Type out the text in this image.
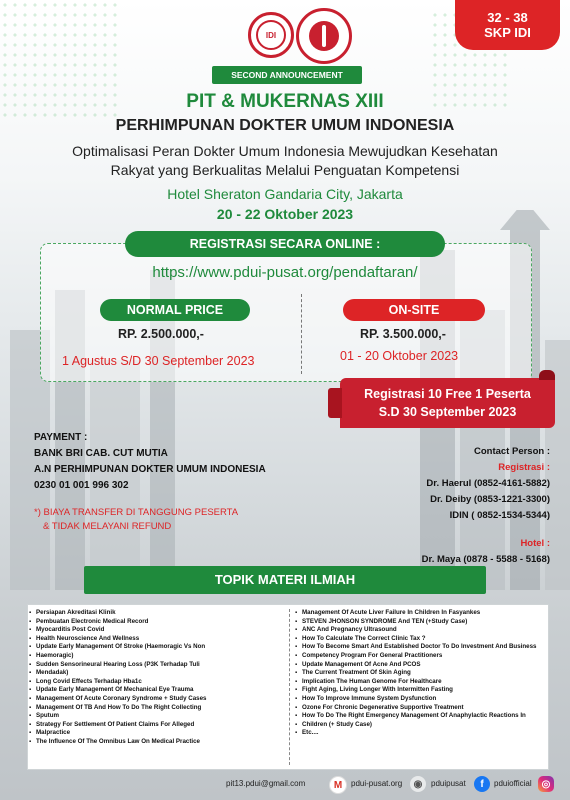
IDI
32 - 38
SKP IDI
SECOND ANNOUNCEMENT
PIT & MUKERNAS XIII
PERHIMPUNAN DOKTER UMUM INDONESIA
Optimalisasi Peran Dokter Umum Indonesia Mewujudkan Kesehatan
Rakyat yang Berkualitas Melalui Penguatan Kompetensi
Hotel Sheraton Gandaria City, Jakarta
20 - 22 Oktober 2023
REGISTRASI SECARA ONLINE :
https://www.pdui-pusat.org/pendaftaran/
NORMAL PRICE
RP. 2.500.000,-
1 Agustus S/D 30 September 2023
ON-SITE
RP. 3.500.000,-
01 - 20 Oktober 2023
Registrasi 10 Free 1 Peserta
S.D 30 September 2023
PAYMENT :
BANK BRI CAB. CUT MUTIA
A.N PERHIMPUNAN DOKTER UMUM INDONESIA
0230 01 001 996 302
*) BIAYA TRANSFER DI TANGGUNG PESERTA
& TIDAK MELAYANI REFUND
Contact Person :
Registrasi :
Dr. Haerul (0852-4161-5882)
Dr. Deiby (0853-1221-3300)
IDIN ( 0852-1534-5344)
Hotel :
Dr. Maya (0878 - 5588 - 5168)
TOPIK MATERI ILMIAH
▪ Persiapan Akreditasi Klinik
▪ Pembuatan Electronic Medical Record
▪ Myocarditis Post Covid
▪ Health Neuroscience And Wellness
▪ Update Early Management Of Stroke (Haemoragic Vs Non
▪ Haemoragic)
▪ Sudden Sensorineural Hearing Loss (P3K Terhadap Tuli
▪ Mendadak)
▪ Long Covid Effects Terhadap Hba1c
▪ Update Early Management Of Mechanical Eye Trauma
▪ Management Of Acute Coronary Syndrome + Study Cases
▪ Management Of TB And How To Do The Right Collecting
▪ Sputum
▪ Strategy For Settlement Of Patient Claims For Alleged
▪ Malpractice
▪ The Influence Of The Omnibus Law On Medical Practice
▪ Management Of Acute Liver Failure In Children In Fasyankes
▪ STEVEN JHONSON SYNDROME And TEN (+Study Case)
▪ ANC And Pregnancy Ultrasound
▪ How To Calculate The Correct Clinic Tax ?
▪ How To Become Smart And Established Doctor To Do Investment And Business
▪ Competency Program For General Practitioners
▪ Update Management Of Acne And PCOS
▪ The Current Treatment Of Skin Aging
▪ Implication The Human Genome For Healthcare
▪ Fight Aging, Living Longer With Intermitten Fasting
▪ How To Improve Immune System Dysfunction
▪ Ozone For Chronic Degenerative Supportive Treatment
▪ How To Do The Right Emergency Management Of Anaphylactic Reactions In
▪ Children (+ Study Case)
▪ Etc....
pit13.pdui@gmail.com	M	pdui-pusat.org	◉	pduipusat	f	pduiofficial ◎
